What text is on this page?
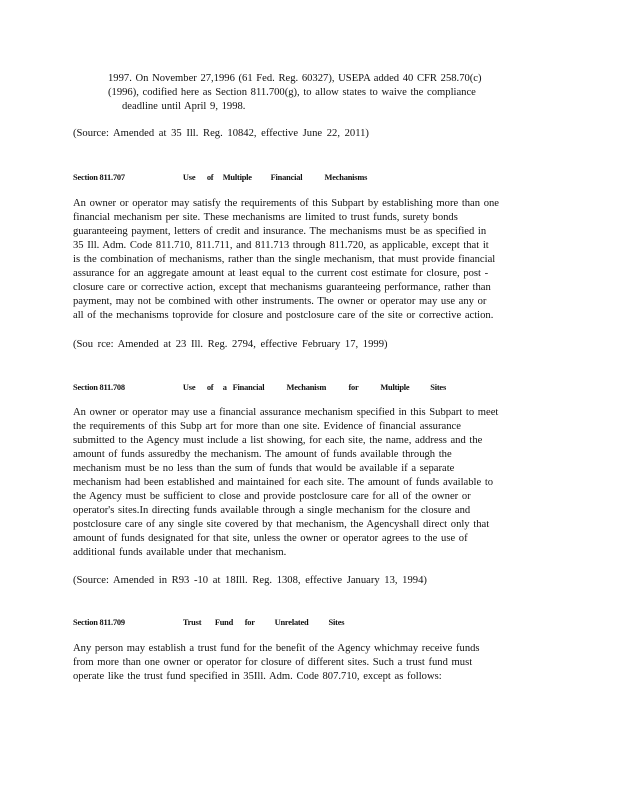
1997. On November 27,1996 (61 Fed. Reg. 60327), USEPA added 40 CFR 258.70(c)
(1996), codified here as Section 811.700(g), to allow states to waive the compliance
deadline until April 9, 1998.
(Source: Amended at 35 Ill. Reg. 10842, effective June 22, 2011)
Section 811.707	Use of Multiple Financial	Mechanisms
An owner or operator may satisfy the requirements of this Subpart by establishing more than one
financial mechanism per site. These mechanisms are limited to trust funds, surety bonds
guaranteeing payment, letters of credit and insurance. The mechanisms must be as specified in
35 Ill. Adm. Code 811.710, 811.711, and 811.713 through 811.720, as applicable, except that it
is the combination of mechanisms, rather than the single mechanism, that must provide financial
assurance for an aggregate amount at least equal to the current cost estimate for closure, post -
closure care or corrective action, except that mechanisms guaranteeing performance, rather than
payment, may not be combined with other instruments. The owner or operator may use any or
all of the mechanisms toprovide for closure and postclosure care of the site or corrective action.
(Sou rce: Amended at 23 Ill. Reg. 2794, effective February 17, 1999)
Section 811.708	Use of a Financial	Mechanism	for	Multiple Sites
An owner or operator may use a financial assurance mechanism specified in this Subpart to meet
the requirements of this Subp art for more than one site. Evidence of financial assurance
submitted to the Agency must include a list showing, for each site, the name, address and the
amount of funds assuredby the mechanism. The amount of funds available through the
mechanism must be no less than the sum of funds that would be available if a separate
mechanism had been established and maintained for each site. The amount of funds available to
the Agency must be sufficient to close and provide postclosure care for all of the owner or
operator's sites.In directing funds available through a single mechanism for the closure and
postclosure care of any single site covered by that mechanism, the Agencyshall direct only that
amount of funds designated for that site, unless the owner or operator agrees to the use of
additional funds available under that mechanism.
(Source: Amended in R93 -10 at 18Ill. Reg. 1308, effective January 13, 1994)
Section 811.709	Trust Fund for Unrelated Sites
Any person may establish a trust fund for the benefit of the Agency whichmay receive funds
from more than one owner or operator for closure of different sites. Such a trust fund must
operate like the trust fund specified in 35Ill. Adm. Code 807.710, except as follows:
